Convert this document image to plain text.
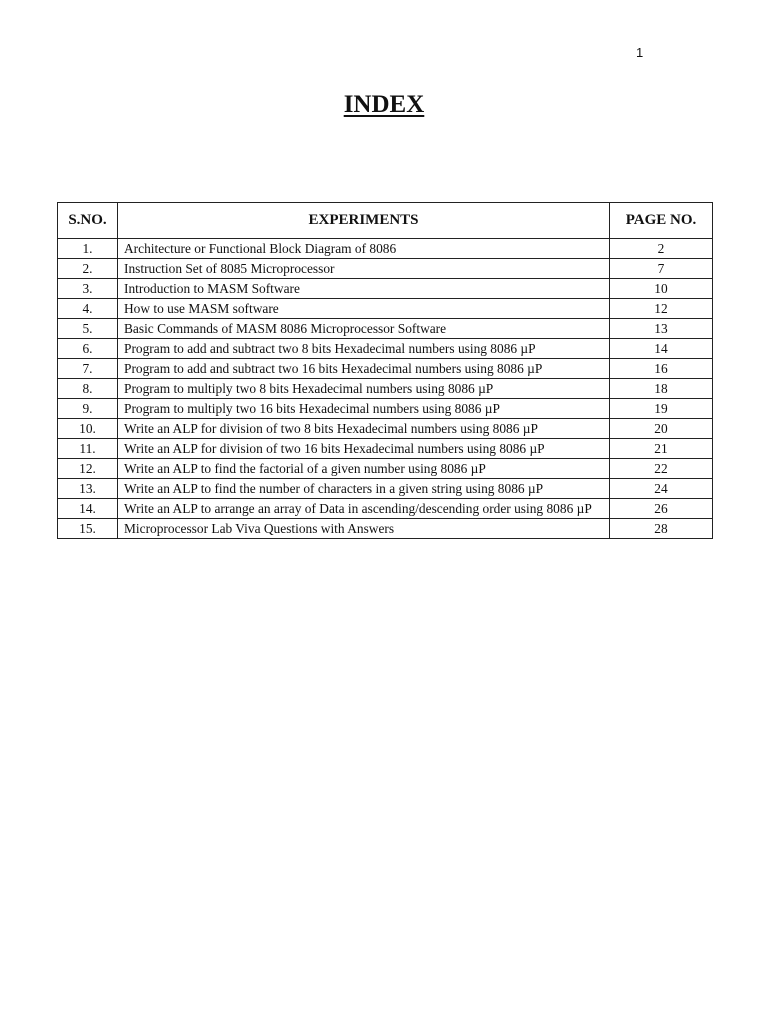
1
INDEX
S.NO.	EXPERIMENTS	PAGE NO.
1.	Architecture or Functional Block Diagram of 8086	2
2.	Instruction Set of 8085 Microprocessor	7
3.	Introduction to MASM Software	10
4.	How to use MASM software	12
5.	Basic Commands of MASM 8086 Microprocessor Software	13
6.	Program to add and subtract two 8 bits Hexadecimal numbers using 8086 µP	14
7.	Program to add and subtract two 16 bits Hexadecimal numbers using 8086 µP	16
8.	Program to multiply two 8 bits Hexadecimal numbers using 8086 µP	18
9.	Program to multiply two 16 bits Hexadecimal numbers using 8086 µP	19
10.	Write an ALP for division of two 8 bits Hexadecimal numbers using 8086 µP	20
11.	Write an ALP for division of two 16 bits Hexadecimal numbers using 8086 µP	21
12.	Write an ALP to find the factorial of a given number using 8086 µP	22
13.	Write an ALP to find the number of characters in a given string using 8086 µP	24
14.	Write an ALP to arrange an array of Data in ascending/descending order using 8086 µP	26
15.	Microprocessor Lab Viva Questions with Answers	28
